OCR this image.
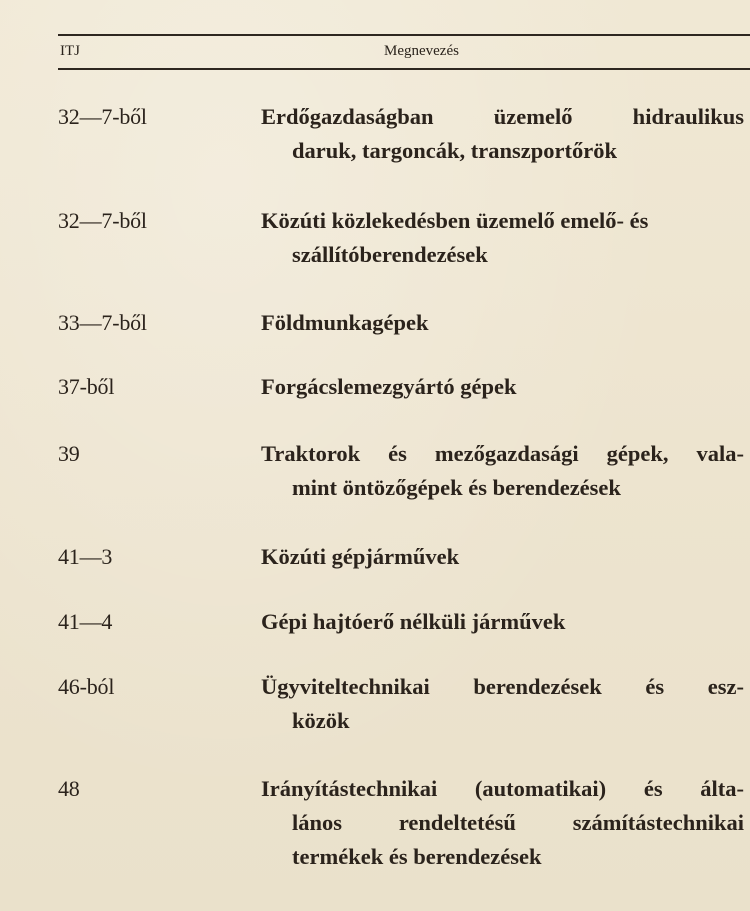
ITJ	Megnevezés
32—7-ből	Erdőgazdaságban üzemelő hidraulikus
daruk, targoncák, transzportőrök
32—7-ből	Közúti közlekedésben üzemelő emelő- és
szállítóberendezések
33—7-ből	Földmunkagépek
37-ből	Forgácslemezgyártó gépek
39	Traktorok és mezőgazdasági gépek, vala-
mint öntözőgépek és berendezések
41—3	Közúti gépjárművek
41—4	Gépi hajtóerő nélküli járművek
46-ból	Ügyviteltechnikai berendezések és esz-
közök
48	Irányítástechnikai (automatikai) és álta-
lános rendeltetésű számítástechnikai
termékek és berendezések
